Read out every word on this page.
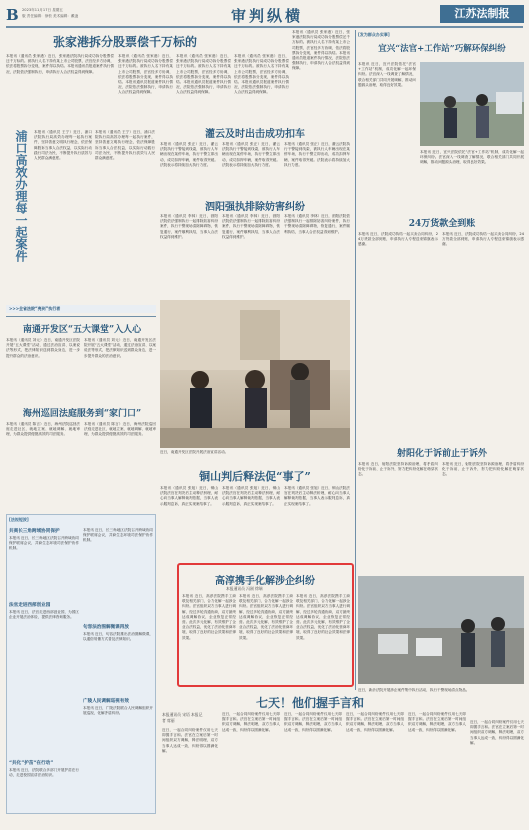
B 2023年11月17日 星期五
版 责任编辑：徐松 美术编辑：戴凌	审判纵横	江苏法制报
张家港拆分股票偿千万标的
本报讯（通讯员 张家港）近日，张家港法院执行局成功拆分股票偿还千万标的。被执行人名下持有某上市公司股票，法官经多方协调，依法将股票拆分变现，案件得以执结。本报讯通讯员报道案件执行情况，法院依法强制执行，申请执行人合法权益得到保障。
本报讯（通讯员 张家港）近日，张家港法院执行局成功拆分股票偿还千万标的。被执行人名下持有某上市公司股票，法官经多方协调，依法将股票拆分变现，案件得以执结。本报讯通讯员报道案件执行情况，法院依法强制执行，申请执行人合法权益得到保障。
本报讯（通讯员 张家港）近日，张家港法院执行局成功拆分股票偿还千万标的。被执行人名下持有某上市公司股票，法官经多方协调，依法将股票拆分变现，案件得以执结。本报讯通讯员报道案件执行情况，法院依法强制执行，申请执行人合法权益得到保障。
本报讯（通讯员 张家港）近日，张家港法院执行局成功拆分股票偿还千万标的。被执行人名下持有某上市公司股票，法官经多方协调，依法将股票拆分变现，案件得以执结。本报讯通讯员报道案件执行情况，法院依法强制执行，申请执行人合法权益得到保障。
本报讯（通讯员 张家港）近日，张家港法院执行局成功拆分股票偿还千万标的。被执行人名下持有某上市公司股票，法官经多方协调，依法将股票拆分变现，案件得以执结。本报讯通讯员报道案件执行情况，法院依法强制执行，申请执行人合法权益得到保障。
浦口高效办理每一起案件 本报讯（通讯员 王宁）近日，浦口法院执行局高效办理每一起执行案件，坚持善意文明执行理念，依法保障胜诉当事人合法权益，以实际行动践行司法为民，不断提升执行质效与人民群众满意度。
本报讯（通讯员 王宁）近日，浦口法院执行局高效办理每一起执行案件，坚持善意文明执行理念，依法保障胜诉当事人合法权益，以实际行动践行司法为民，不断提升执行质效与人民群众满意度。
>>>全省法院“亮剑”执行者
灌云及时出击成功扣车
本报讯（通讯员 张正）近日，灌云法院执行干警接到线索，被执行人车辆出现在某停车场，执行干警立即出动，成功扣押车辆，案件取得突破。法院表示将持续加大执行力度。
本报讯（通讯员 张正）近日，灌云法院执行干警接到线索，被执行人车辆出现在某停车场，执行干警立即出动，成功扣押车辆，案件取得突破。法院表示将持续加大执行力度。
本报讯（通讯员 张正）近日，灌云法院执行干警接到线索，被执行人车辆出现在某停车场，执行干警立即出动，成功扣押车辆，案件取得突破。法院表示将持续加大执行力度。
泗阳强执排除妨害纠纷
本报讯（通讯员 李林）近日，泗阳法院依法强制执行一起排除妨害纠纷案件，执行干警现场清除障碍物，恢复通行，案件顺利执结，当事人合法权益得到维护。
本报讯（通讯员 李林）近日，泗阳法院依法强制执行一起排除妨害纠纷案件，执行干警现场清除障碍物，恢复通行，案件顺利执结，当事人合法权益得到维护。
本报讯（通讯员 李林）近日，泗阳法院依法强制执行一起排除妨害纠纷案件，执行干警现场清除障碍物，恢复通行，案件顺利执结，当事人合法权益得到维护。
南通开发区“五大课堂”入人心
本报讯（通讯员 刘元）近日，南通开发区法院开展“五大课堂”活动，通过法治宣讲、以案说法等形式，把法律知识送到群众身边，进一步提升群众的法治意识。
本报讯（通讯员 刘元）近日，南通开发区法院开展“五大课堂”活动，通过法治宣讲、以案说法等形式，把法律知识送到群众身边，进一步提升群众的法治意识。
近日，南通开发区法院开展法治宣讲活动。
海州巡回法庭服务到“家门口”
本报讯（通讯员 陈言）近日，海州法院巡回法庭走进社区，就地立案、就地调解、就地审理，为群众提供便捷高效的司法服务。
本报讯（通讯员 陈言）近日，海州法院巡回法庭走进社区，就地立案、就地调解、就地审理，为群众提供便捷高效的司法服务。
[法视短波]
共商长三角跨域协同保护
本报讯 近日，长三角地区法院召开跨域协同保护联席会议，共商生态环境司法保护协作机制。
法官走进西部创业园
本报讯 近日，法官走进西部创业园，为园区企业开展法治体检，提供法律咨询服务。
“共化”护苗“在行动”
本报讯 近日，法院联合多部门开展护苗在行动，走进校园宣讲法治知识。
句容法治图解微课再放
本报讯 近日，句容法院推出法治图解微课，以通俗易懂方式普及法律知识。
广陵人民调解巡视有效
本报讯 近日，广陵法院联合人民调解组织开展巡视，化解矛盾纠纷。
本报讯 近日，长三角地区法院召开跨域协同保护联席会议，共商生态环境司法保护协作机制。
铜山判后释法促“事了”
本报讯（通讯员 张旭）近日，铜山法院法官在判决后主动释法析理，耐心向当事人解释裁判依据，当事人表示服判息诉，真正实现案结事了。
本报讯（通讯员 张旭）近日，铜山法院法官在判决后主动释法析理，耐心向当事人解释裁判依据，当事人表示服判息诉，真正实现案结事了。
本报讯（通讯员 张旭）近日，铜山法院法官在判决后主动释法析理，耐心向当事人解释裁判依据，当事人表示服判息诉，真正实现案结事了。
高淳携手化解涉企纠纷
本报通讯员 冯刚 徐瑞
本报讯 近日，高淳法院携手工商联及相关部门，合力化解一起涉企纠纷。法官组织双方当事人进行调解，经过多轮沟通协商，双方最终达成调解协议，企业恢复正常经营。此次多元化解，有效维护了企业合法权益，优化了法治化营商环境，取得了良好的社会效果和法律效果。
本报讯 近日，高淳法院携手工商联及相关部门，合力化解一起涉企纠纷。法官组织双方当事人进行调解，经过多轮沟通协商，双方最终达成调解协议，企业恢复正常经营。此次多元化解，有效维护了企业合法权益，优化了法治化营商环境，取得了良好的社会效果和法律效果。
本报讯 近日，高淳法院携手工商联及相关部门，合力化解一起涉企纠纷。法官组织双方当事人进行调解，经过多轮沟通协商，双方最终达成调解协议，企业恢复正常经营。此次多元化解，有效维护了企业合法权益，优化了法治化营商环境，取得了良好的社会效果和法律效果。
七天！他们握手言和
本报通讯员 宋语 本报记者 席丽
近日，一起合同纠纷案件仅用七天即握手言和。法官在立案后第一时间组织双方调解，释法明理，双方当事人达成一致，纠纷得以圆满化解。
近日，一起合同纠纷案件仅用七天即握手言和。法官在立案后第一时间组织双方调解，释法明理，双方当事人达成一致，纠纷得以圆满化解。
近日，一起合同纠纷案件仅用七天即握手言和。法官在立案后第一时间组织双方调解，释法明理，双方当事人达成一致，纠纷得以圆满化解。
近日，一起合同纠纷案件仅用七天即握手言和。法官在立案后第一时间组织双方调解，释法明理，双方当事人达成一致，纠纷得以圆满化解。
近日，一起合同纠纷案件仅用七天即握手言和。法官在立案后第一时间组织双方调解，释法明理，双方当事人达成一致，纠纷得以圆满化解。
近日，一起合同纠纷案件仅用七天即握手言和。法官在立案后第一时间组织双方调解，释法明理，双方当事人达成一致，纠纷得以圆满化解。
[发为群众办实事]
宜兴“法官+工作站”巧解环保纠纷
本报讯 近日，宜兴法院依托“法官+工作站”机制，成功化解一起环保纠纷。法官深入一线调查了解情况，联合相关部门共同开展调解，推动问题源头治理，取得良好效果。
本报讯 近日，宜兴法院依托“法官+工作站”机制，成功化解一起环保纠纷。法官深入一线调查了解情况，联合相关部门共同开展调解，推动问题源头治理，取得良好效果。
24万货款全到账
本报讯 近日，法院成功执结一起买卖合同纠纷，24万货款全部到账，申请执行人专程送来锦旗表示感谢。
本报讯 近日，法院成功执结一起买卖合同纠纷，24万货款全部到账，申请执行人专程送来锦旗表示感谢。
射阳化于诉前止于诉外
本报讯 近日，射阳法院坚持诉源治理，将矛盾纠纷化于诉前、止于诉外，努力把纠纷化解在萌芽状态。
本报讯 近日，射阳法院坚持诉源治理，将矛盾纠纷化于诉前、止于诉外，努力把纠纷化解在萌芽状态。
近日，新沂法院开展涉企案件集中执行活动，执行干警现场清点物品。
